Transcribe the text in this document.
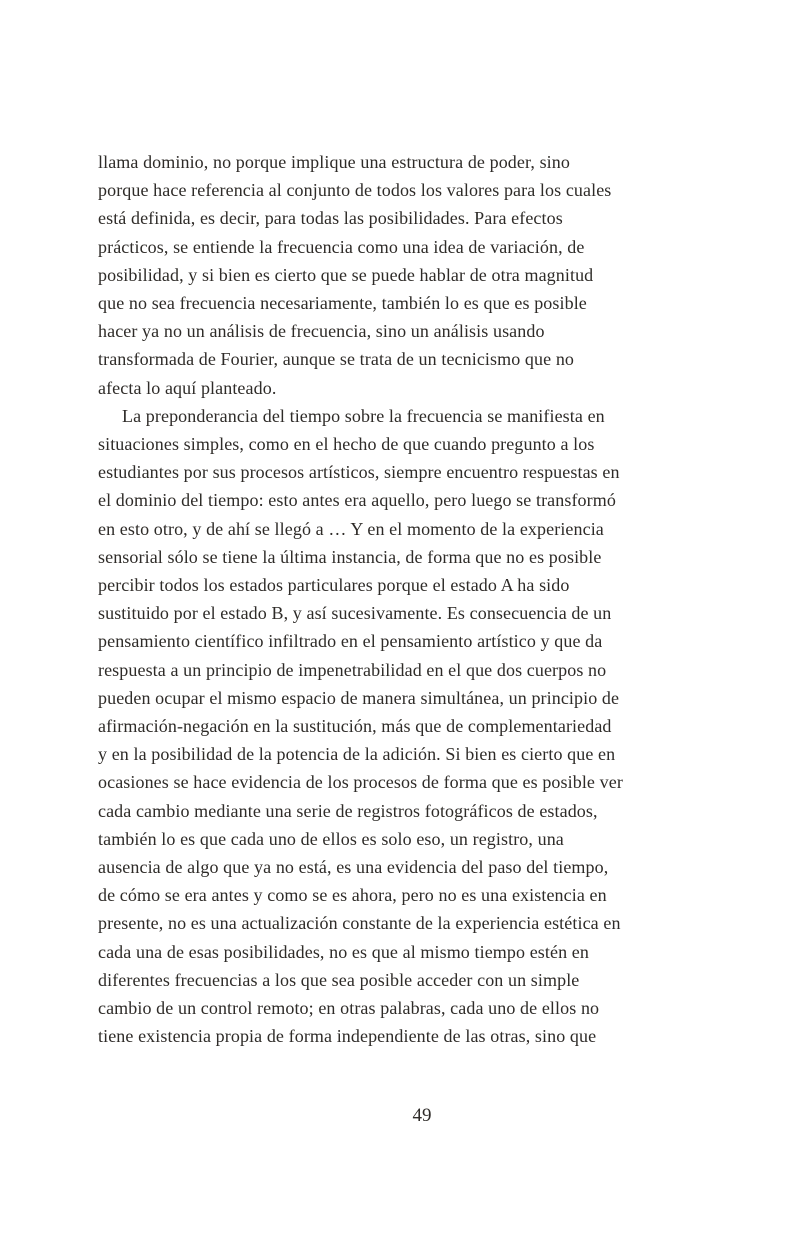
llama dominio, no porque implique una estructura de poder, sino
porque hace referencia al conjunto de todos los valores para los cuales
está definida, es decir, para todas las posibilidades. Para efectos
prácticos, se entiende la frecuencia como una idea de variación, de
posibilidad, y si bien es cierto que se puede hablar de otra magnitud
que no sea frecuencia necesariamente, también lo es que es posible
hacer ya no un análisis de frecuencia, sino un análisis usando
transformada de Fourier, aunque se trata de un tecnicismo que no
afecta lo aquí planteado.
La preponderancia del tiempo sobre la frecuencia se manifiesta en
situaciones simples, como en el hecho de que cuando pregunto a los
estudiantes por sus procesos artísticos, siempre encuentro respuestas en
el dominio del tiempo: esto antes era aquello, pero luego se transformó
en esto otro, y de ahí se llegó a … Y en el momento de la experiencia
sensorial sólo se tiene la última instancia, de forma que no es posible
percibir todos los estados particulares porque el estado A ha sido
sustituido por el estado B, y así sucesivamente. Es consecuencia de un
pensamiento científico infiltrado en el pensamiento artístico y que da
respuesta a un principio de impenetrabilidad en el que dos cuerpos no
pueden ocupar el mismo espacio de manera simultánea, un principio de
afirmación-negación en la sustitución, más que de complementariedad
y en la posibilidad de la potencia de la adición. Si bien es cierto que en
ocasiones se hace evidencia de los procesos de forma que es posible ver
cada cambio mediante una serie de registros fotográficos de estados,
también lo es que cada uno de ellos es solo eso, un registro, una
ausencia de algo que ya no está, es una evidencia del paso del tiempo,
de cómo se era antes y como se es ahora, pero no es una existencia en
presente, no es una actualización constante de la experiencia estética en
cada una de esas posibilidades, no es que al mismo tiempo estén en
diferentes frecuencias a los que sea posible acceder con un simple
cambio de un control remoto; en otras palabras, cada uno de ellos no
tiene existencia propia de forma independiente de las otras, sino que
49
